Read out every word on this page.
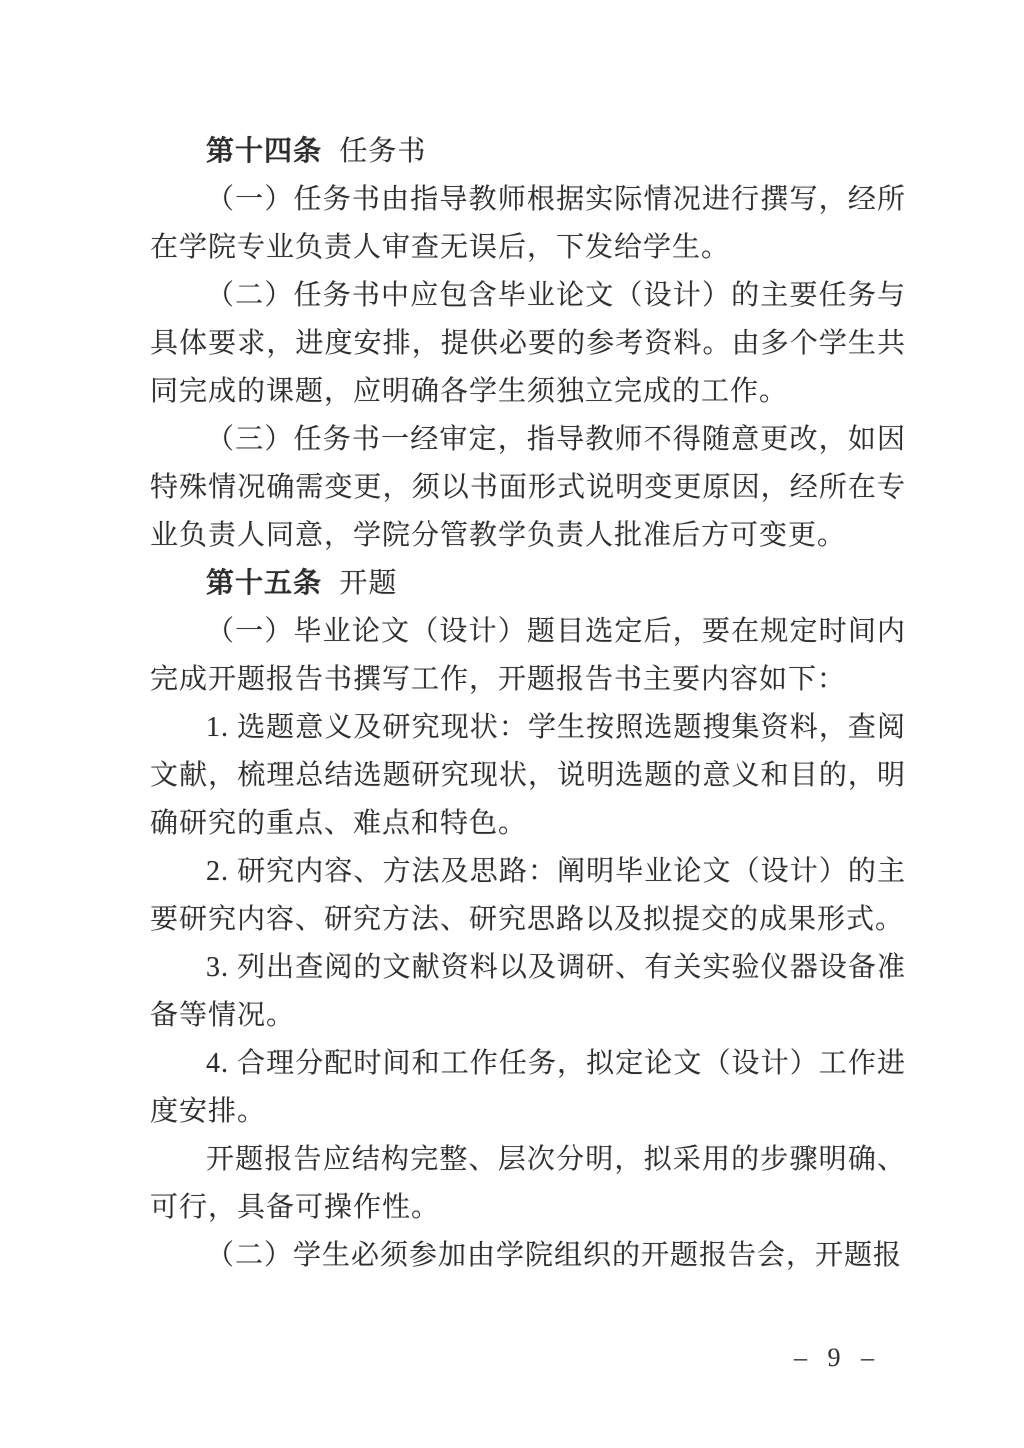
第十四条 任务书

（一）任务书由指导教师根据实际情况进行撰写，经所在学院专业负责人审查无误后，下发给学生。

（二）任务书中应包含毕业论文（设计）的主要任务与具体要求，进度安排，提供必要的参考资料。由多个学生共同完成的课题，应明确各学生须独立完成的工作。

（三）任务书一经审定，指导教师不得随意更改，如因特殊情况确需变更，须以书面形式说明变更原因，经所在专业负责人同意，学院分管教学负责人批准后方可变更。

第十五条 开题

（一）毕业论文（设计）题目选定后，要在规定时间内完成开题报告书撰写工作，开题报告书主要内容如下：

1. 选题意义及研究现状：学生按照选题搜集资料，查阅文献，梳理总结选题研究现状，说明选题的意义和目的，明确研究的重点、难点和特色。

2. 研究内容、方法及思路：阐明毕业论文（设计）的主要研究内容、研究方法、研究思路以及拟提交的成果形式。

3. 列出查阅的文献资料以及调研、有关实验仪器设备准备等情况。

4. 合理分配时间和工作任务，拟定论文（设计）工作进度安排。

开题报告应结构完整、层次分明，拟采用的步骤明确、可行，具备可操作性。

（二）学生必须参加由学院组织的开题报告会，开题报

– 9 –
